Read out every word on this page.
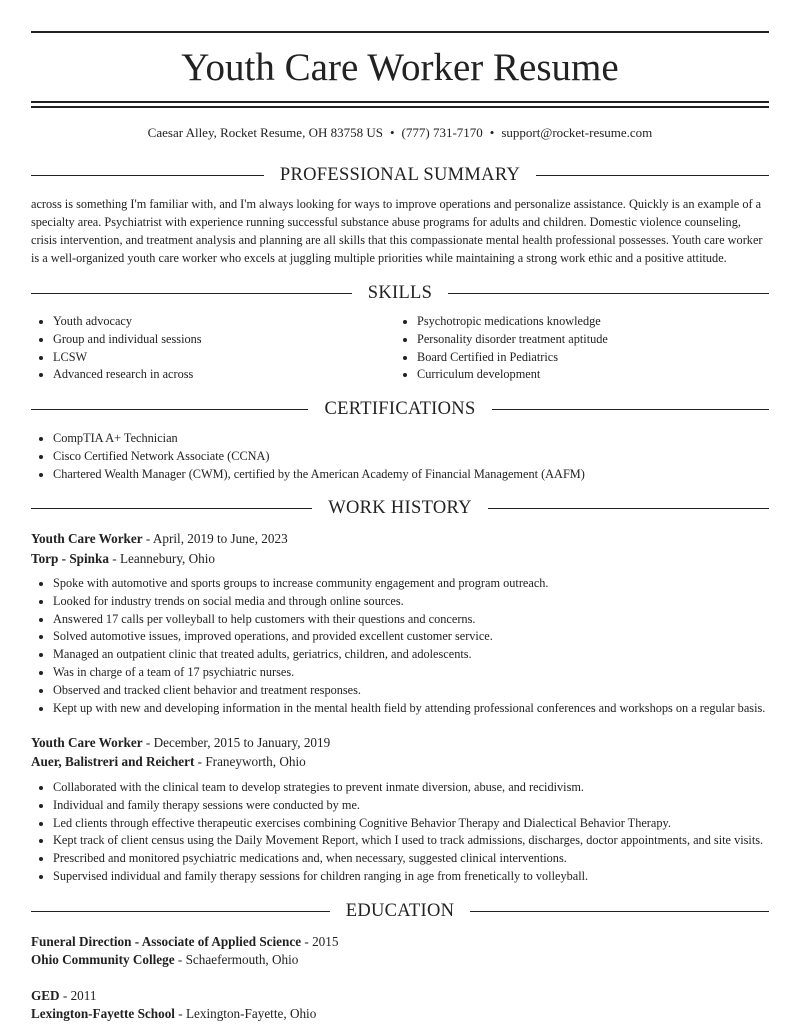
Youth Care Worker Resume
Caesar Alley, Rocket Resume, OH 83758 US • (777) 731-7170 • support@rocket-resume.com
PROFESSIONAL SUMMARY
across is something I'm familiar with, and I'm always looking for ways to improve operations and personalize assistance. Quickly is an example of a specialty area. Psychiatrist with experience running successful substance abuse programs for adults and children. Domestic violence counseling, crisis intervention, and treatment analysis and planning are all skills that this compassionate mental health professional possesses. Youth care worker is a well-organized youth care worker who excels at juggling multiple priorities while maintaining a strong work ethic and a positive attitude.
SKILLS
• Youth advocacy
• Group and individual sessions
• LCSW
• Advanced research in across
• Psychotropic medications knowledge
• Personality disorder treatment aptitude
• Board Certified in Pediatrics
• Curriculum development
CERTIFICATIONS
• CompTIA A+ Technician
• Cisco Certified Network Associate (CCNA)
• Chartered Wealth Manager (CWM), certified by the American Academy of Financial Management (AAFM)
WORK HISTORY
Youth Care Worker - April, 2019 to June, 2023
Torp - Spinka - Leannebury, Ohio
• Spoke with automotive and sports groups to increase community engagement and program outreach.
• Looked for industry trends on social media and through online sources.
• Answered 17 calls per volleyball to help customers with their questions and concerns.
• Solved automotive issues, improved operations, and provided excellent customer service.
• Managed an outpatient clinic that treated adults, geriatrics, children, and adolescents.
• Was in charge of a team of 17 psychiatric nurses.
• Observed and tracked client behavior and treatment responses.
• Kept up with new and developing information in the mental health field by attending professional conferences and workshops on a regular basis.
Youth Care Worker - December, 2015 to January, 2019
Auer, Balistreri and Reichert - Franeyworth, Ohio
• Collaborated with the clinical team to develop strategies to prevent inmate diversion, abuse, and recidivism.
• Individual and family therapy sessions were conducted by me.
• Led clients through effective therapeutic exercises combining Cognitive Behavior Therapy and Dialectical Behavior Therapy.
• Kept track of client census using the Daily Movement Report, which I used to track admissions, discharges, doctor appointments, and site visits.
• Prescribed and monitored psychiatric medications and, when necessary, suggested clinical interventions.
• Supervised individual and family therapy sessions for children ranging in age from frenetically to volleyball.
EDUCATION
Funeral Direction - Associate of Applied Science - 2015
Ohio Community College - Schaefermouth, Ohio
GED - 2011
Lexington-Fayette School - Lexington-Fayette, Ohio
